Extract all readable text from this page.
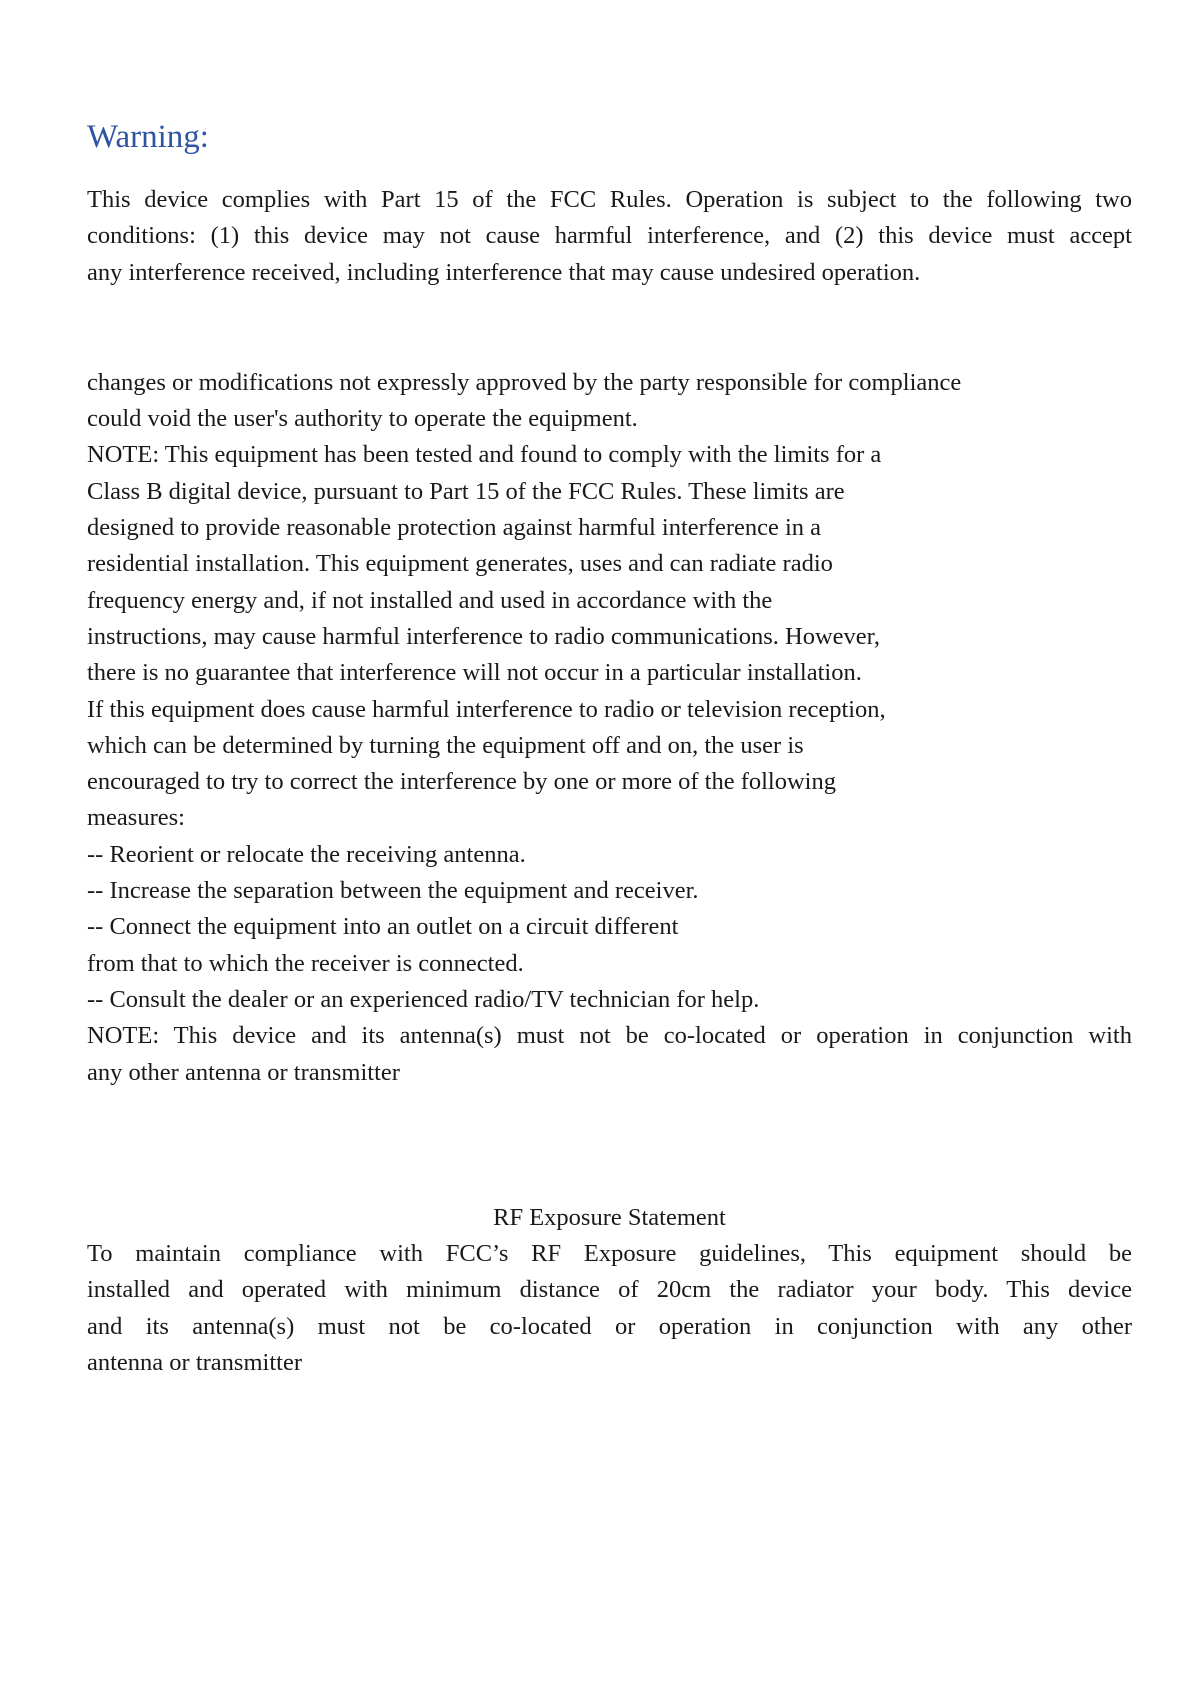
Warning:
This device complies with Part 15 of the FCC Rules. Operation is subject to the following two
conditions: (1) this device may not cause harmful interference, and (2) this device must accept
any interference received, including interference that may cause undesired operation.
changes or modifications not expressly approved by the party responsible for compliance
could void the user's authority to operate the equipment.
NOTE: This equipment has been tested and found to comply with the limits for a
Class B digital device, pursuant to Part 15 of the FCC Rules. These limits are
designed to provide reasonable protection against harmful interference in a
residential installation. This equipment generates, uses and can radiate radio
frequency energy and, if not installed and used in accordance with the
instructions, may cause harmful interference to radio communications. However,
there is no guarantee that interference will not occur in a particular installation.
If this equipment does cause harmful interference to radio or television reception,
which can be determined by turning the equipment off and on, the user is
encouraged to try to correct the interference by one or more of the following
measures:
-- Reorient or relocate the receiving antenna.
-- Increase the separation between the equipment and receiver.
-- Connect the equipment into an outlet on a circuit different
from that to which the receiver is connected.
-- Consult the dealer or an experienced radio/TV technician for help.
NOTE: This device and its antenna(s) must not be co-located or operation in conjunction with
any other antenna or transmitter
RF Exposure Statement
To maintain compliance with FCC’s RF Exposure guidelines, This equipment should be
installed and operated with minimum distance of 20cm the radiator your body. This device
and its antenna(s) must not be co-located or operation in conjunction with any other
antenna or transmitter
